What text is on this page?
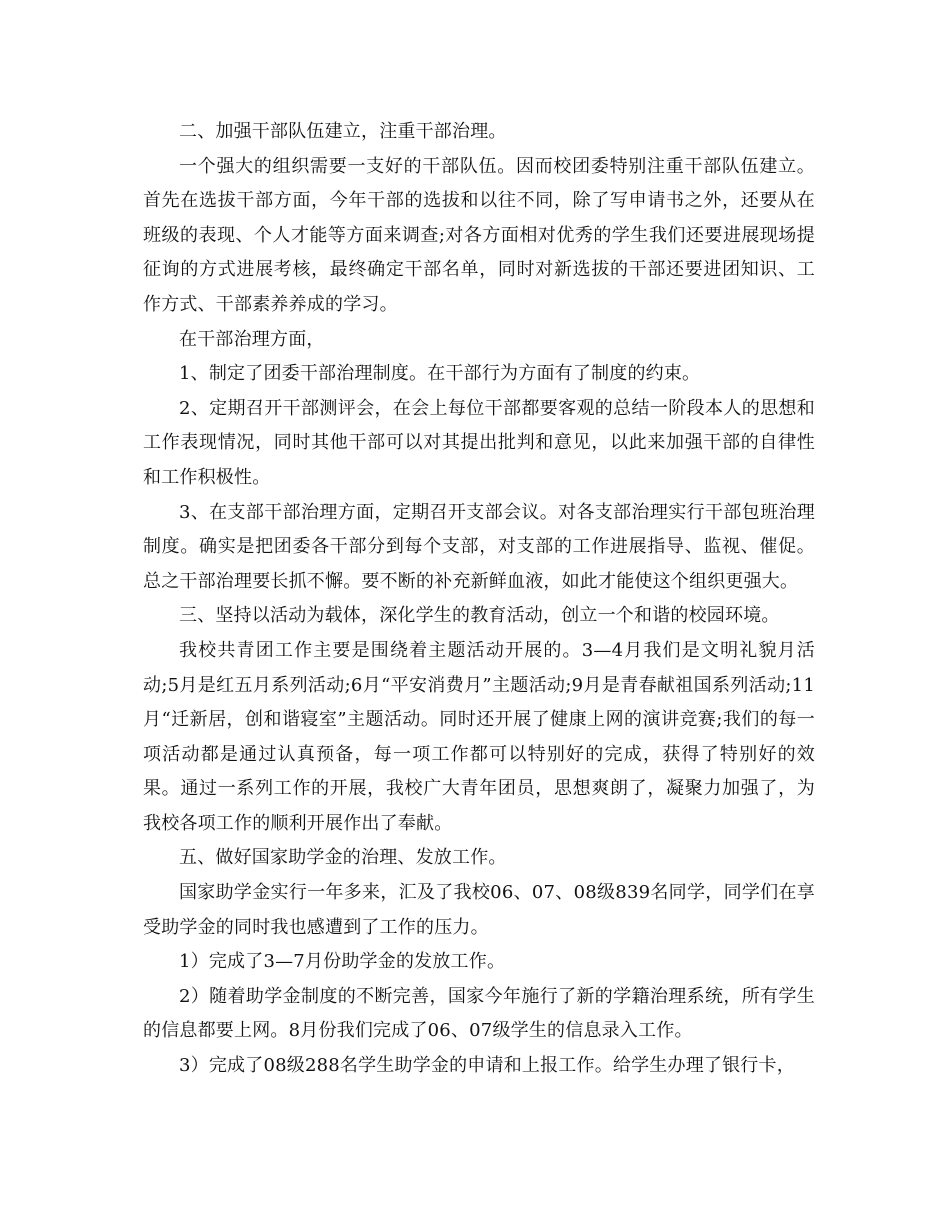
二、加强干部队伍建立，注重干部治理。

一个强大的组织需要一支好的干部队伍。因而校团委特别注重干部队伍建立。首先在选拔干部方面，今年干部的选拔和以往不同，除了写申请书之外，还要从在班级的表现、个人才能等方面来调查;对各方面相对优秀的学生我们还要进展现场提征询的方式进展考核，最终确定干部名单，同时对新选拔的干部还要进团知识、工作方式、干部素养养成的学习。

在干部治理方面，

1、制定了团委干部治理制度。在干部行为方面有了制度的约束。

2、定期召开干部测评会，在会上每位干部都要客观的总结一阶段本人的思想和工作表现情况，同时其他干部可以对其提出批判和意见，以此来加强干部的自律性和工作积极性。

3、在支部干部治理方面，定期召开支部会议。对各支部治理实行干部包班治理制度。确实是把团委各干部分到每个支部，对支部的工作进展指导、监视、催促。总之干部治理要长抓不懈。要不断的补充新鲜血液，如此才能使这个组织更强大。

三、坚持以活动为载体，深化学生的教育活动，创立一个和谐的校园环境。

我校共青团工作主要是围绕着主题活动开展的。3—4月我们是文明礼貌月活动;5月是红五月系列活动;6月“平安消费月”主题活动;9月是青春献祖国系列活动;11月“迁新居，创和谐寝室”主题活动。同时还开展了健康上网的演讲竞赛;我们的每一项活动都是通过认真预备，每一项工作都可以特别好的完成，获得了特别好的效果。通过一系列工作的开展，我校广大青年团员，思想爽朗了，凝聚力加强了，为我校各项工作的顺利开展作出了奉献。

五、做好国家助学金的治理、发放工作。

国家助学金实行一年多来，汇及了我校06、07、08级839名同学，同学们在享受助学金的同时我也感遭到了工作的压力。

1）完成了3—7月份助学金的发放工作。

2）随着助学金制度的不断完善，国家今年施行了新的学籍治理系统，所有学生的信息都要上网。8月份我们完成了06、07级学生的信息录入工作。

3）完成了08级288名学生助学金的申请和上报工作。给学生办理了银行卡，
